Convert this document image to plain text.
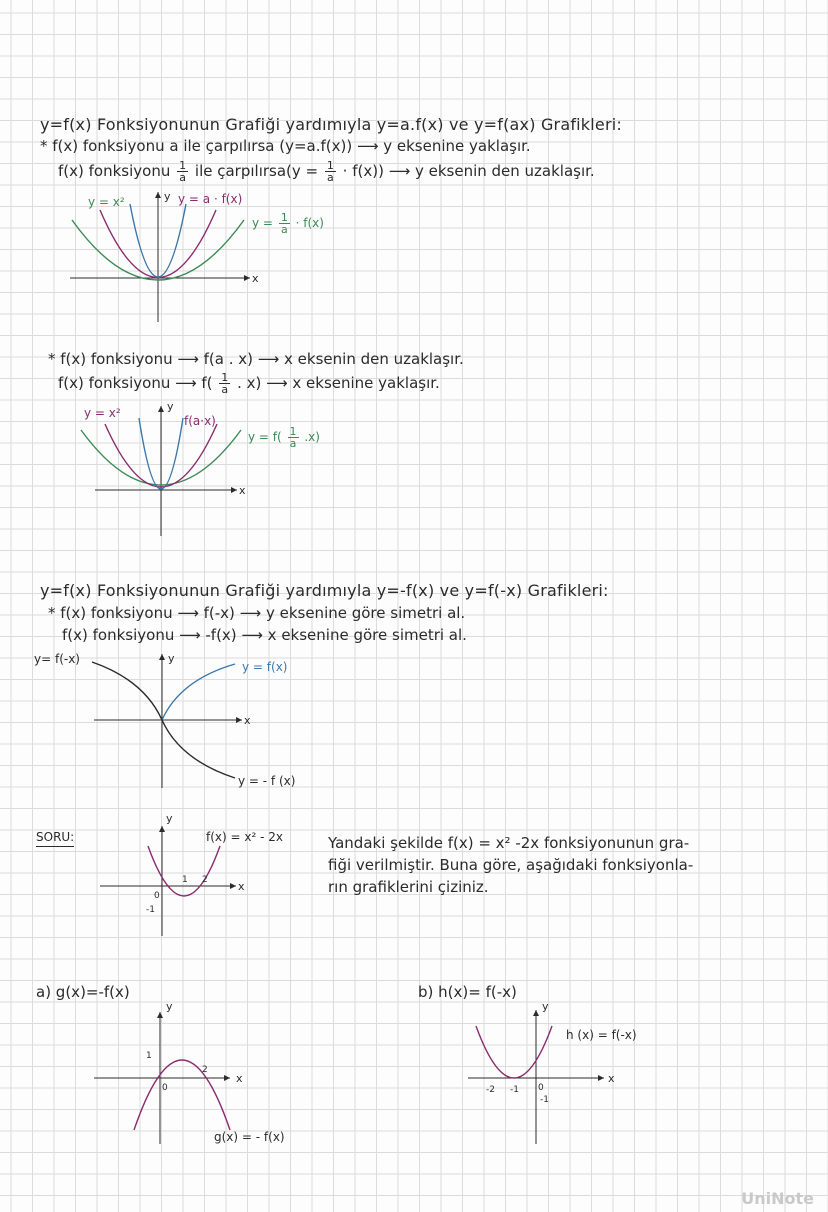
y=f(x) Fonksiyonunun Grafiği yardımıyla y=a.f(x) ve y=f(ax) Grafikleri:
* f(x) fonksiyonu a ile çarpılırsa (y=a.f(x)) ⟶ y eksenine yaklaşır.
f(x) fonksiyonu $\frac{1}{a}$ ile çarpılırsa(y = $\frac{1}{a} \cdot f(x)$) ⟶ y eksenin den uzaklaşır.
y = x²	y = a · f(x)
$y = \frac{1}{a} \cdot f(x)$
x
y
* f(x) fonksiyonu ⟶ f(a . x) ⟶ x eksenin den uzaklaşır.
f(x) fonksiyonu ⟶ $f( \frac{1}{a}$ . x) ⟶ x eksenine yaklaşır.
y = x²
f(a·x)
$y = f( \frac{1}{a} .x)$
x
y
y=f(x) Fonksiyonunun Grafiği yardımıyla y=-f(x) ve y=f(-x) Grafikleri:
* f(x) fonksiyonu ⟶ f(-x) ⟶ y eksenine göre simetri al.
f(x) fonksiyonu ⟶ -f(x) ⟶ x eksenine göre simetri al.
y= f(-x)
y = f(x)
y = - f (x)
x
y
SORU:	f(x) = x² - 2x	Yandaki şekilde f(x) = x² -2x fonksiyonunun gra-
fiği verilmiştir. Buna göre, aşağıdaki fonksiyonla-
rın grafiklerini çiziniz.
0
1 2
-1
x
y
a) g(x)=-f(x)
1
2
0
x
y
g(x) = - f(x)
b) h(x)= f(-x)
-2 -1 0
-1
x
y
h (x) = f(-x)
UniNote
